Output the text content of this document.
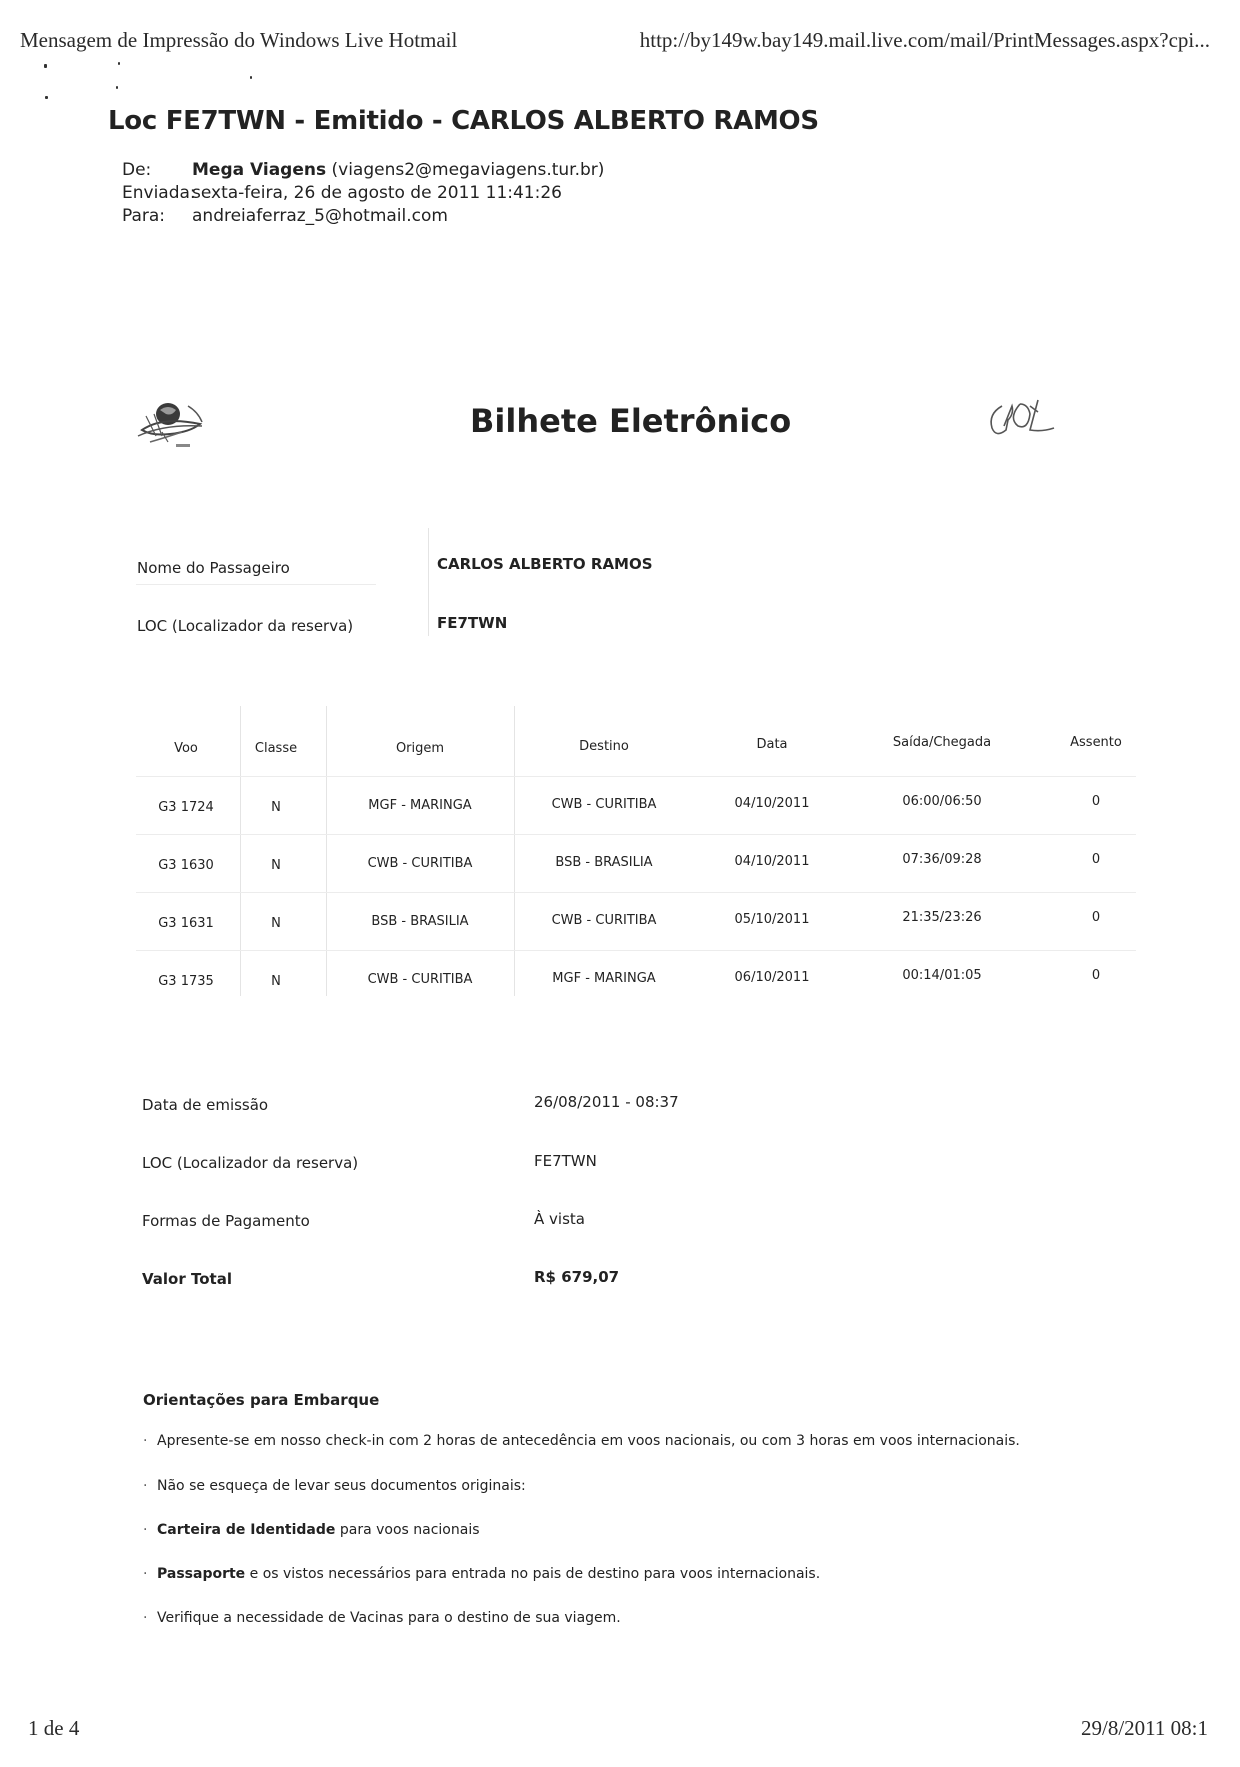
Mensagem de Impressão do Windows Live Hotmail	http://by149w.bay149.mail.live.com/mail/PrintMessages.aspx?cpi...
Loc FE7TWN - Emitido - CARLOS ALBERTO RAMOS
De: Mega Viagens (viagens2@megaviagens.tur.br)
Enviada:
sexta-feira, 26 de agosto de 2011 11:41:26
Para: andreiaferraz_5@hotmail.com
Bilhete Eletrônico
Nome do Passageiro	CARLOS ALBERTO RAMOS
LOC (Localizador da reserva)	FE7TWN
Voo	Classe	Origem	Destino	Data	Saída/Chegada	Assento
G3 1724	N	MGF - MARINGA	CWB - CURITIBA	04/10/2011	06:00/06:50	0
G3 1630	N	CWB - CURITIBA	BSB - BRASILIA	04/10/2011	07:36/09:28	0
G3 1631	N	BSB - BRASILIA	CWB - CURITIBA	05/10/2011	21:35/23:26	0
G3 1735	N	CWB - CURITIBA	MGF - MARINGA	06/10/2011	00:14/01:05	0
Data de emissão	26/08/2011 - 08:37
LOC (Localizador da reserva)	FE7TWN
Formas de Pagamento	À vista
Valor Total	R$ 679,07
Orientações para Embarque
· Apresente-se em nosso check-in com 2 horas de antecedência em voos nacionais, ou com 3 horas em voos internacionais.
· Não se esqueça de levar seus documentos originais:
· Carteira de Identidade para voos nacionais
· Passaporte e os vistos necessários para entrada no pais de destino para voos internacionais.
· Verifique a necessidade de Vacinas para o destino de sua viagem.
1 de 4	29/8/2011 08:1
